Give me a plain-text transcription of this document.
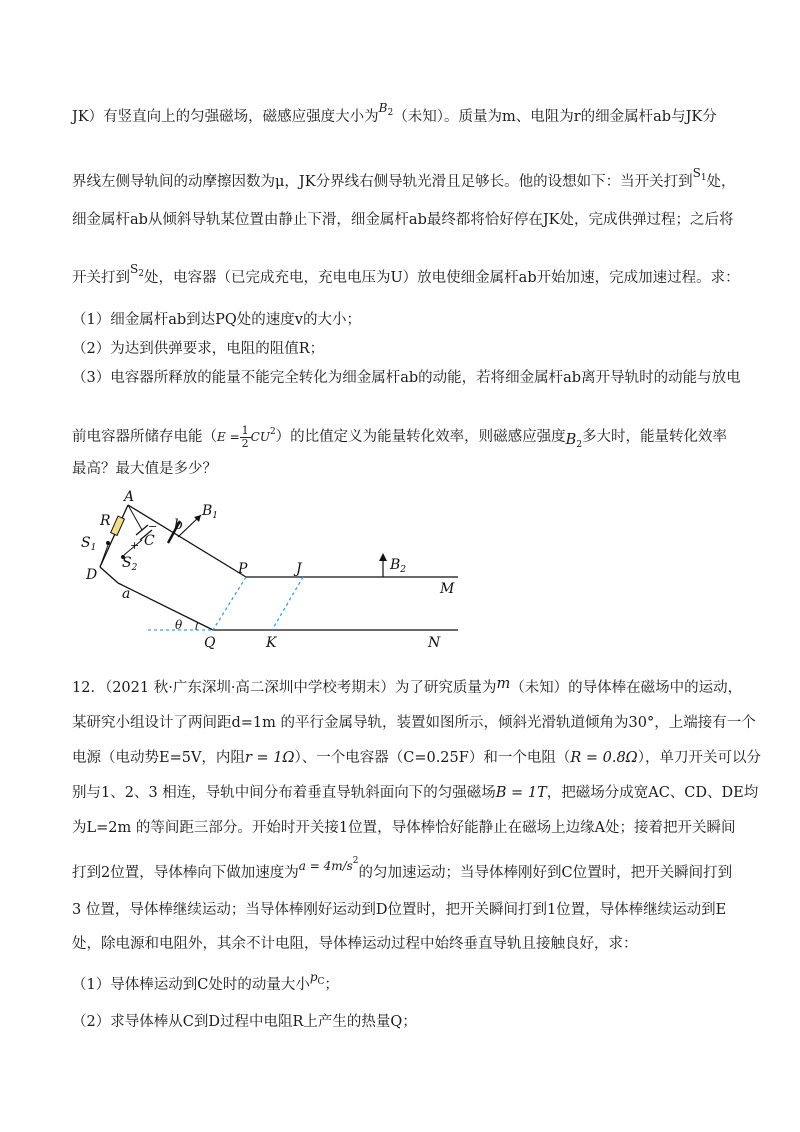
JK）有竖直向上的匀强磁场，磁感应强度大小为$^{B_2}$（未知）。质量为m、电阻为r的细金属杆ab与JK分
界线左侧导轨间的动摩擦因数为μ，JK分界线右侧导轨光滑且足够长。他的设想如下：当开关打到$^{S_1}$处，
细金属杆ab从倾斜导轨某位置由静止下滑，细金属杆ab最终都将恰好停在JK处，完成供弹过程；之后将
开关打到$^{S_2}$处，电容器（已完成充电，充电电压为U）放电使细金属杆ab开始加速，完成加速过程。求：
（1）细金属杆ab到达PQ处的速度v的大小；
（2）为达到供弹要求，电阻的阻值R；
（3）电容器所释放的能量不能完全转化为细金属杆ab的动能，若将细金属杆ab离开导轨时的动能与放电
前电容器所储存电能$(E = \frac{1}{2} CU^2)$的比值定义为能量转化效率，则磁感应强度$B_2$多大时，能量转化效率
最高？最大值是多少？
A
R	b
$B_1$
$S_1$	C
−
+
D
$S_2$
a
P	J	$B_2$
M
θ
Q	K	N
12．（2021 秋·广东深圳·高二深圳中学校考期末）为了研究质量为m（未知）的导体棒在磁场中的运动，
某研究小组设计了两间距d=1m 的平行金属导轨，装置如图所示，倾斜光滑轨道倾角为30°，上端接有一个
电源（电动势E=5V，内阻r = 1Ω）、一个电容器（C=0.25F）和一个电阻（R = 0.8Ω），单刀开关可以分
别与1、2、3 相连，导轨中间分布着垂直导轨斜面向下的匀强磁场B = 1T，把磁场分成宽AC、CD、DE均
为L=2m 的等间距三部分。开始时开关接1位置，导体棒恰好能静止在磁场上边缘A处；接着把开关瞬间
打到2位置，导体棒向下做加速度为$^{a = 4m/s^2}$的匀加速运动；当导体棒刚好到C位置时，把开关瞬间打到
3 位置，导体棒继续运动；当导体棒刚好运动到D位置时，把开关瞬间打到1位置，导体棒继续运动到E
处，除电源和电阻外，其余不计电阻，导体棒运动过程中始终垂直导轨且接触良好，求：
（1）导体棒运动到C处时的动量大小$^{p_C}$；
（2）求导体棒从C到D过程中电阻R上产生的热量Q；
